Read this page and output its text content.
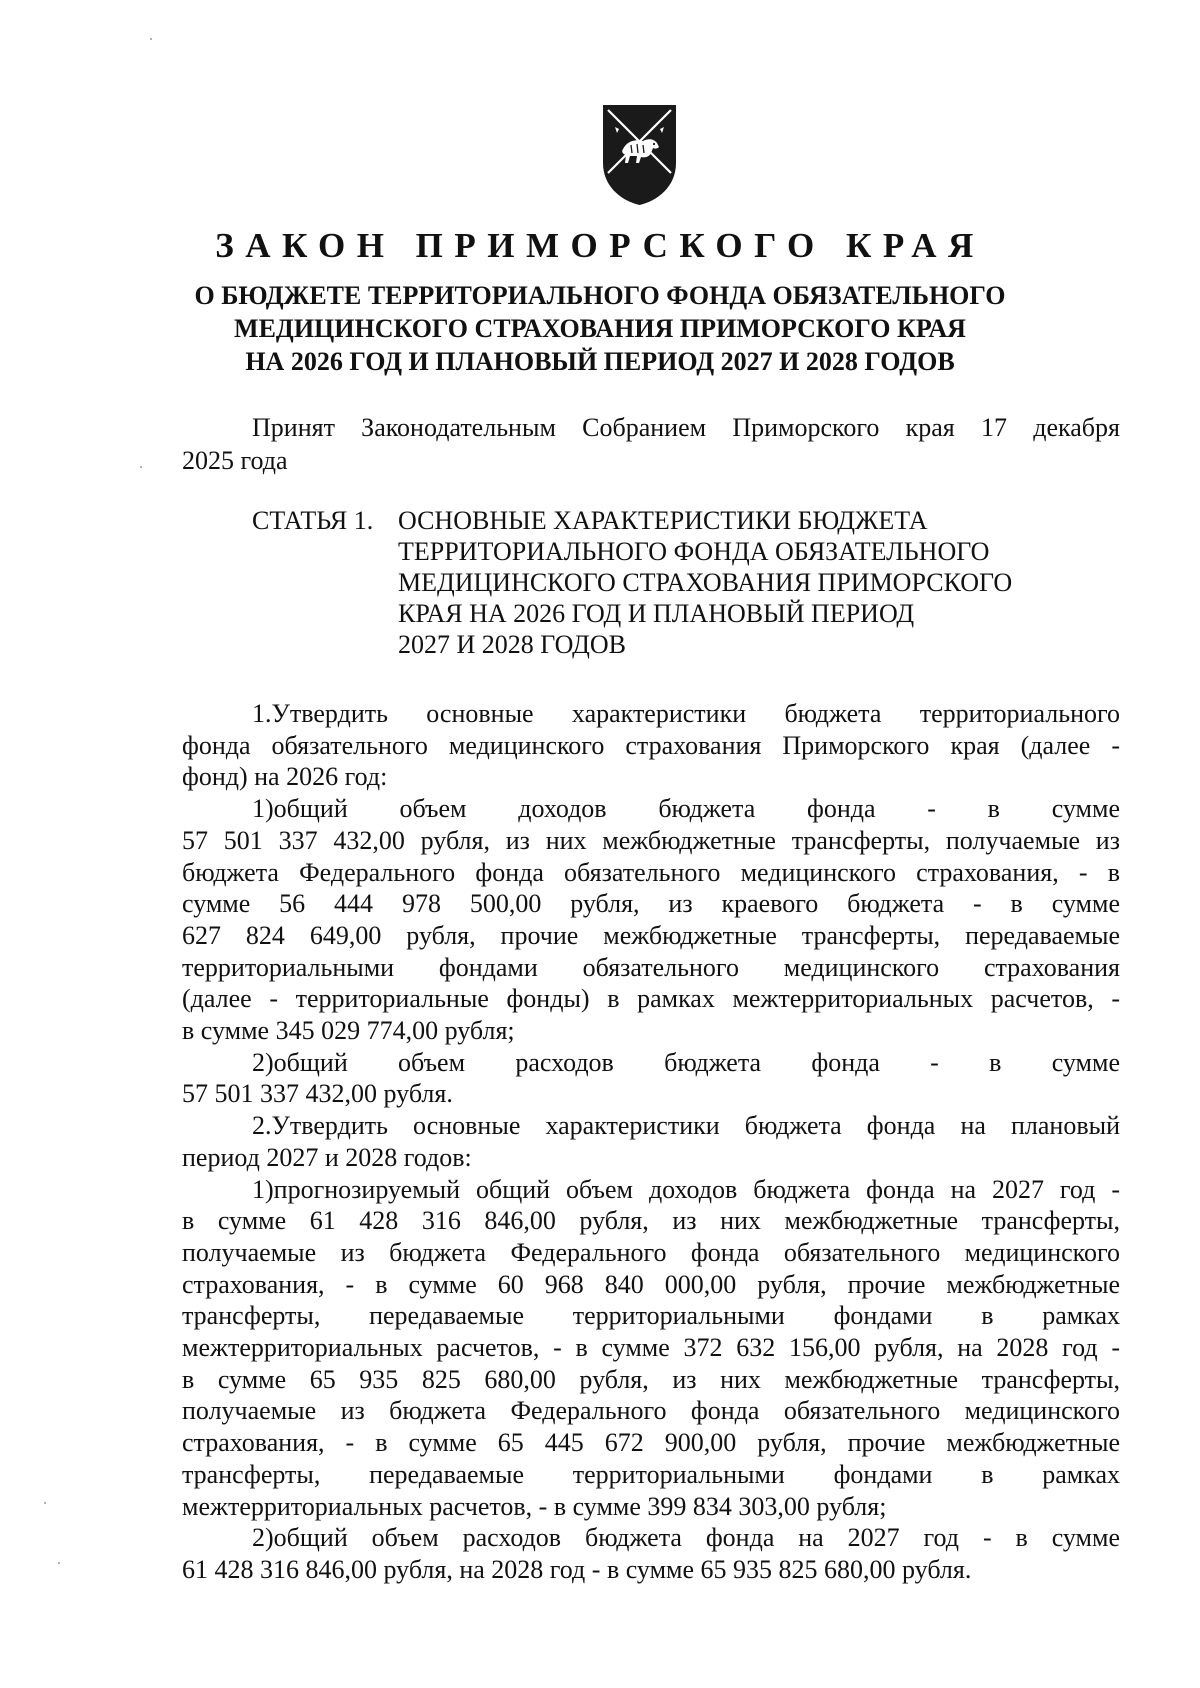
ЗАКОН ПРИМОРСКОГО КРАЯ
О БЮДЖЕТЕ ТЕРРИТОРИАЛЬНОГО ФОНДА ОБЯЗАТЕЛЬНОГО
МЕДИЦИНСКОГО СТРАХОВАНИЯ ПРИМОРСКОГО КРАЯ
НА 2026 ГОД И ПЛАНОВЫЙ ПЕРИОД 2027 И 2028 ГОДОВ
Принят Законодательным Собранием Приморского края 17 декабря
2025 года
СТАТЬЯ 1. ОСНОВНЫЕ ХАРАКТЕРИСТИКИ БЮДЖЕТА
ТЕРРИТОРИАЛЬНОГО ФОНДА ОБЯЗАТЕЛЬНОГО
МЕДИЦИНСКОГО СТРАХОВАНИЯ ПРИМОРСКОГО
КРАЯ НА 2026 ГОД И ПЛАНОВЫЙ ПЕРИОД
2027 И 2028 ГОДОВ
1.Утвердить основные характеристики бюджета территориального
фонда обязательного медицинского страхования Приморского края (далее -
фонд) на 2026 год:
1)общий объем доходов бюджета фонда - в сумме
57 501 337 432,00 рубля, из них межбюджетные трансферты, получаемые из
бюджета Федерального фонда обязательного медицинского страхования, - в
сумме 56 444 978 500,00 рубля, из краевого бюджета - в сумме
627 824 649,00 рубля, прочие межбюджетные трансферты, передаваемые
территориальными фондами обязательного медицинского страхования
(далее - территориальные фонды) в рамках межтерриториальных расчетов, -
в сумме 345 029 774,00 рубля;
2)общий объем расходов бюджета фонда - в сумме
57 501 337 432,00 рубля.
2.Утвердить основные характеристики бюджета фонда на плановый
период 2027 и 2028 годов:
1)прогнозируемый общий объем доходов бюджета фонда на 2027 год -
в сумме 61 428 316 846,00 рубля, из них межбюджетные трансферты,
получаемые из бюджета Федерального фонда обязательного медицинского
страхования, - в сумме 60 968 840 000,00 рубля, прочие межбюджетные
трансферты, передаваемые территориальными фондами в рамках
межтерриториальных расчетов, - в сумме 372 632 156,00 рубля, на 2028 год -
в сумме 65 935 825 680,00 рубля, из них межбюджетные трансферты,
получаемые из бюджета Федерального фонда обязательного медицинского
страхования, - в сумме 65 445 672 900,00 рубля, прочие межбюджетные
трансферты, передаваемые территориальными фондами в рамках
межтерриториальных расчетов, - в сумме 399 834 303,00 рубля;
2)общий объем расходов бюджета фонда на 2027 год - в сумме
61 428 316 846,00 рубля, на 2028 год - в сумме 65 935 825 680,00 рубля.
